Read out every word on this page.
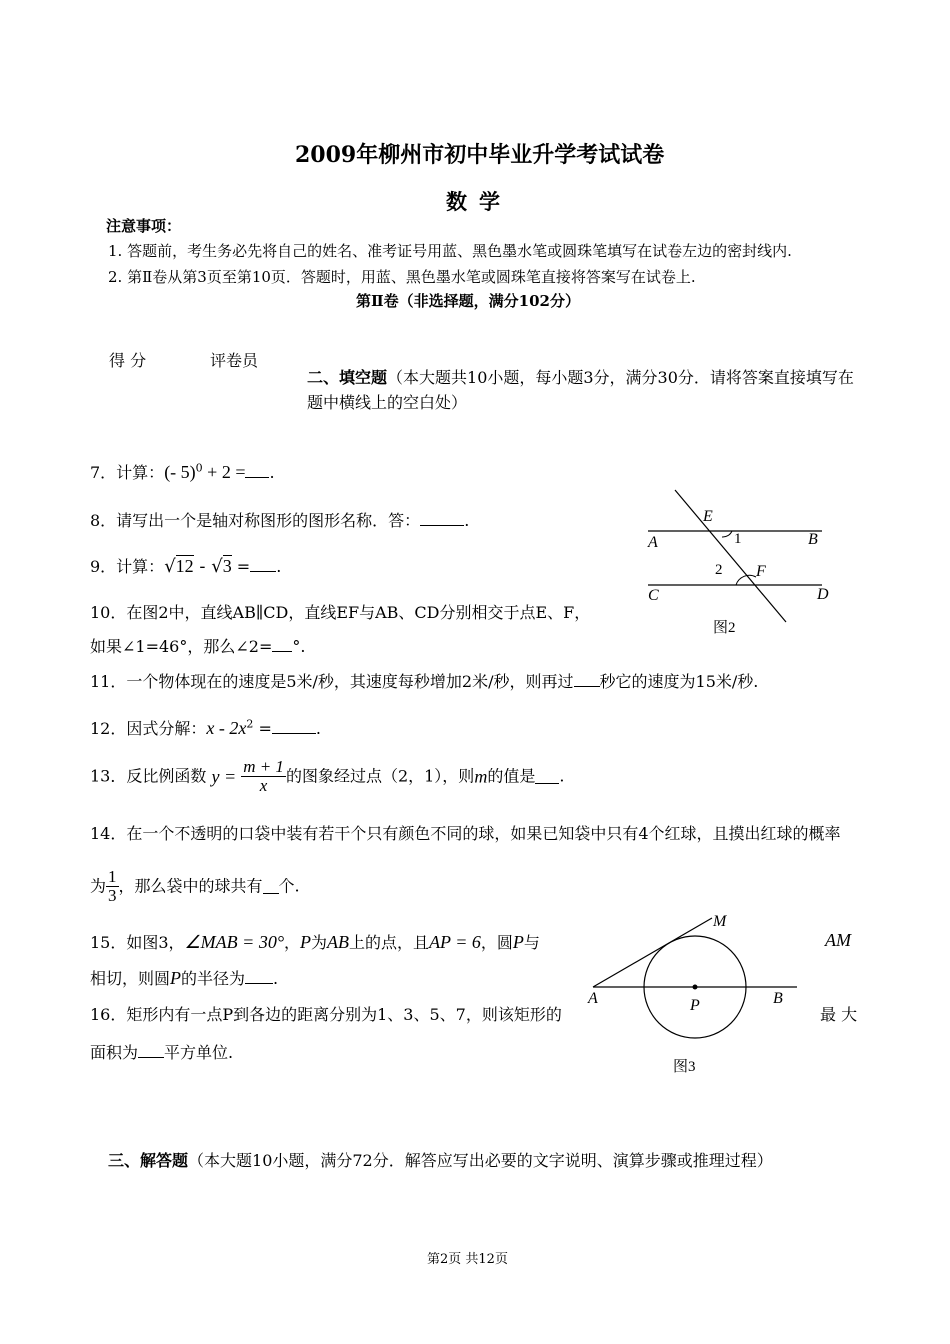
2009年柳州市初中毕业升学考试试卷
数学
注意事项：
1. 答题前，考生务必先将自己的姓名、准考证号用蓝、黑色墨水笔或圆珠笔填写在试卷左边的密封线内.
2. 第Ⅱ卷从第3页至第10页．答题时，用蓝、黑色墨水笔或圆珠笔直接将答案写在试卷上.
第Ⅱ卷（非选择题，满分102分）
得 分	评卷员
二、填空题（本大题共10小题，每小题3分，满分30分．请将答案直接填写在
题中横线上的空白处）
7．计算：(- 5)$^0$ + 2 = .
8．请写出一个是轴对称图形的图形名称．答：	.
9．计算：√12 - √3 = .
10．在图2中，直线AB∥CD，直线EF与AB、CD分别相交于点E、F，
如果∠1=46°，那么∠2= °.
E
A	1	B
2 F
C	D
图2
11．一个物体现在的速度是5米/秒，其速度每秒增加2米/秒，则再过 秒它的速度为15米/秒.
12．因式分解：x - $2x^2$ =	.
13．反比例函数 $y = \frac{m + 1}{x}$ 的图象经过点（2，1），则m的值是 .
14．在一个不透明的口袋中装有若干个只有颜色不同的球，如果已知袋中只有4个红球，且摸出红球的概率
为 $\frac{1}{3}$ ，那么袋中的球共有 个.
15．如图3，∠MAB = 30°，P为AB上的点，且AP = 6，圆P与	AM
相切，则圆P的半径为 .
16．矩形内有一点P到各边的距离分别为1、3、5、7，则该矩形的	最 大
面积为 平方单位.
M
A	P	B
图3
三、解答题（本大题10小题，满分72分．解答应写出必要的文字说明、演算步骤或推理过程）
第2页 共12页
